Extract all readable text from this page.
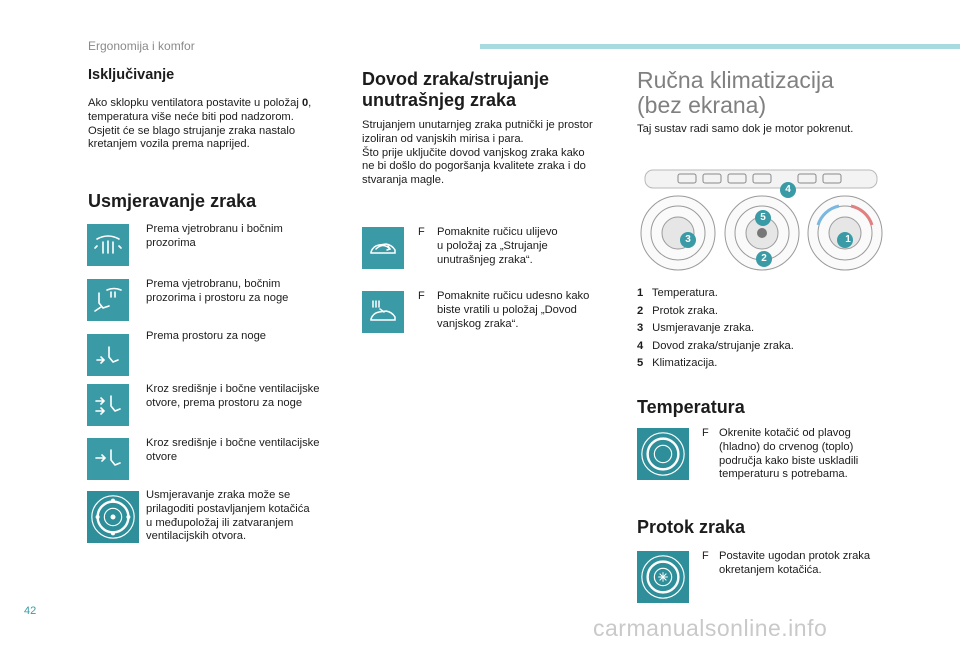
Ergonomija i komfor
Isključivanje
Ako sklopku ventilatora postavite u položaj 0,
temperatura više neće biti pod nadzorom.
Osjetit će se blago strujanje zraka nastalo
kretanjem vozila prema naprijed.
Usmjeravanje zraka
Prema vjetrobranu i bočnim
prozorima
Prema vjetrobranu, bočnim
prozorima i prostoru za noge
Prema prostoru za noge
Kroz središnje i bočne ventilacijske
otvore, prema prostoru za noge
Kroz središnje i bočne ventilacijske
otvore
Usmjeravanje zraka može se
prilagoditi postavljanjem kotačića
u međupoložaj ili zatvaranjem
ventilacijskih otvora.
Dovod zraka/strujanje
unutrašnjeg zraka
Strujanjem unutarnjeg zraka putnički je prostor
izoliran od vanjskih mirisa i para.
Što prije uključite dovod vanjskog zraka kako
ne bi došlo do pogoršanja kvalitete zraka i do
stvaranja magle.
F Pomaknite ručicu ulijevo
u položaj za „Strujanje
unutrašnjeg zraka“.
F Pomaknite ručicu udesno kako
biste vratili u položaj „Dovod
vanjskog zraka“.
Ručna klimatizacija
(bez ekrana)
Taj sustav radi samo dok je motor pokrenut.
1
2
3
4
5
1 Temperatura.
2 Protok zraka.
3 Usmjeravanje zraka.
4 Dovod zraka/strujanje zraka.
5 Klimatizacija.
Temperatura
F Okrenite kotačić od plavog
(hladno) do crvenog (toplo)
područja kako biste uskladili
temperaturu s potrebama.
Protok zraka
F Postavite ugodan protok zraka
okretanjem kotačića.
42
carmanualsonline.info
